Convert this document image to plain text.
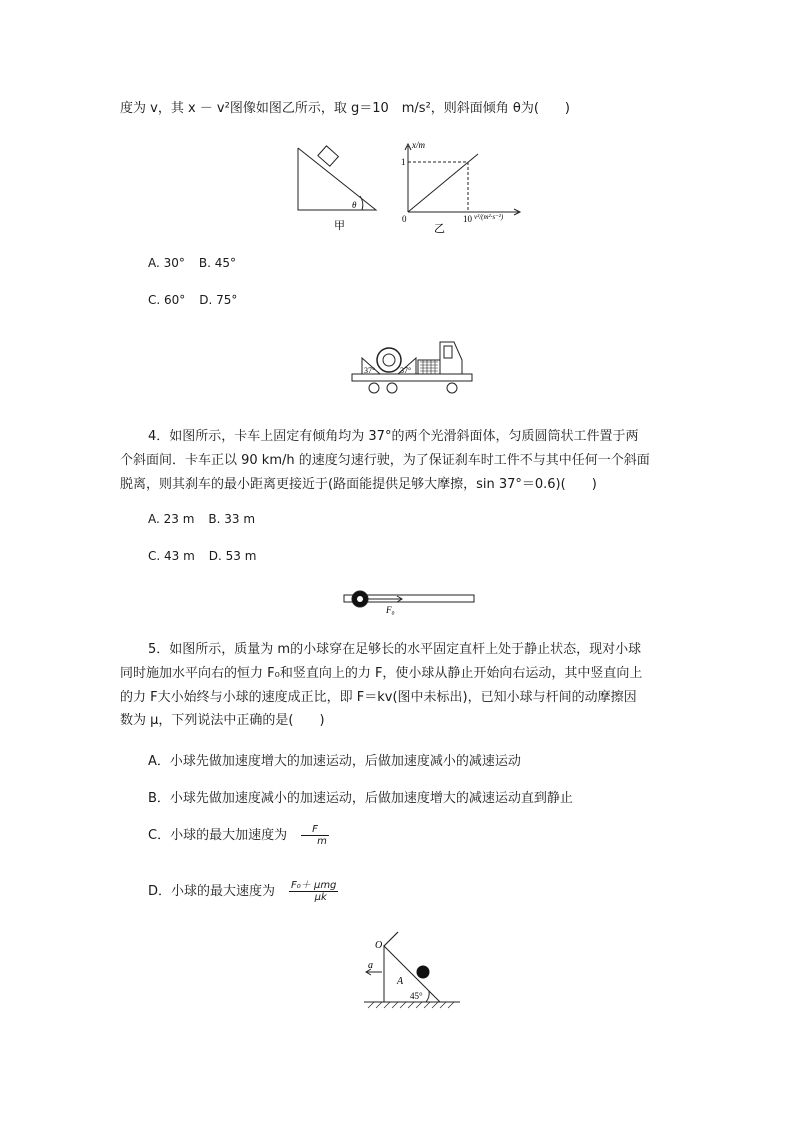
度为 v，其 x － v²图像如图乙所示，取 g＝10　m/s²，则斜面倾角 θ为(　　)
θ
甲
x/m
1
0	10 v²/(m²·s⁻²)
乙
A. 30° B. 45°
C. 60° D. 75°
37°	37°
4．如图所示，卡车上固定有倾角均为 37°的两个光滑斜面体，匀质圆筒状工件置于两
个斜面间．卡车正以 90 km/h 的速度匀速行驶，为了保证刹车时工件不与其中任何一个斜面
脱离，则其刹车的最小距离更接近于(路面能提供足够大摩擦，sin 37°＝0.6)(　　)
A. 23 m B. 33 m
C. 43 m D. 53 m
F₀
5．如图所示，质量为 m的小球穿在足够长的水平固定直杆上处于静止状态，现对小球
同时施加水平向右的恒力 F₀和竖直向上的力 F，使小球从静止开始向右运动，其中竖直向上
的力 F大小始终与小球的速度成正比，即 F＝kv(图中未标出)，已知小球与杆间的动摩擦因
数为 μ，下列说法中正确的是(　　)
A．小球先做加速度增大的加速运动，后做加速度减小的减速运动
B．小球先做加速度减小的加速运动，后做加速度增大的减速运动直到静止
C．小球的最大加速度为 $\frac{F}{m}$
D．小球的最大速度为 $\frac{\text{F₀＋ μmg}}{\mu k}$
O
a
A
45°
